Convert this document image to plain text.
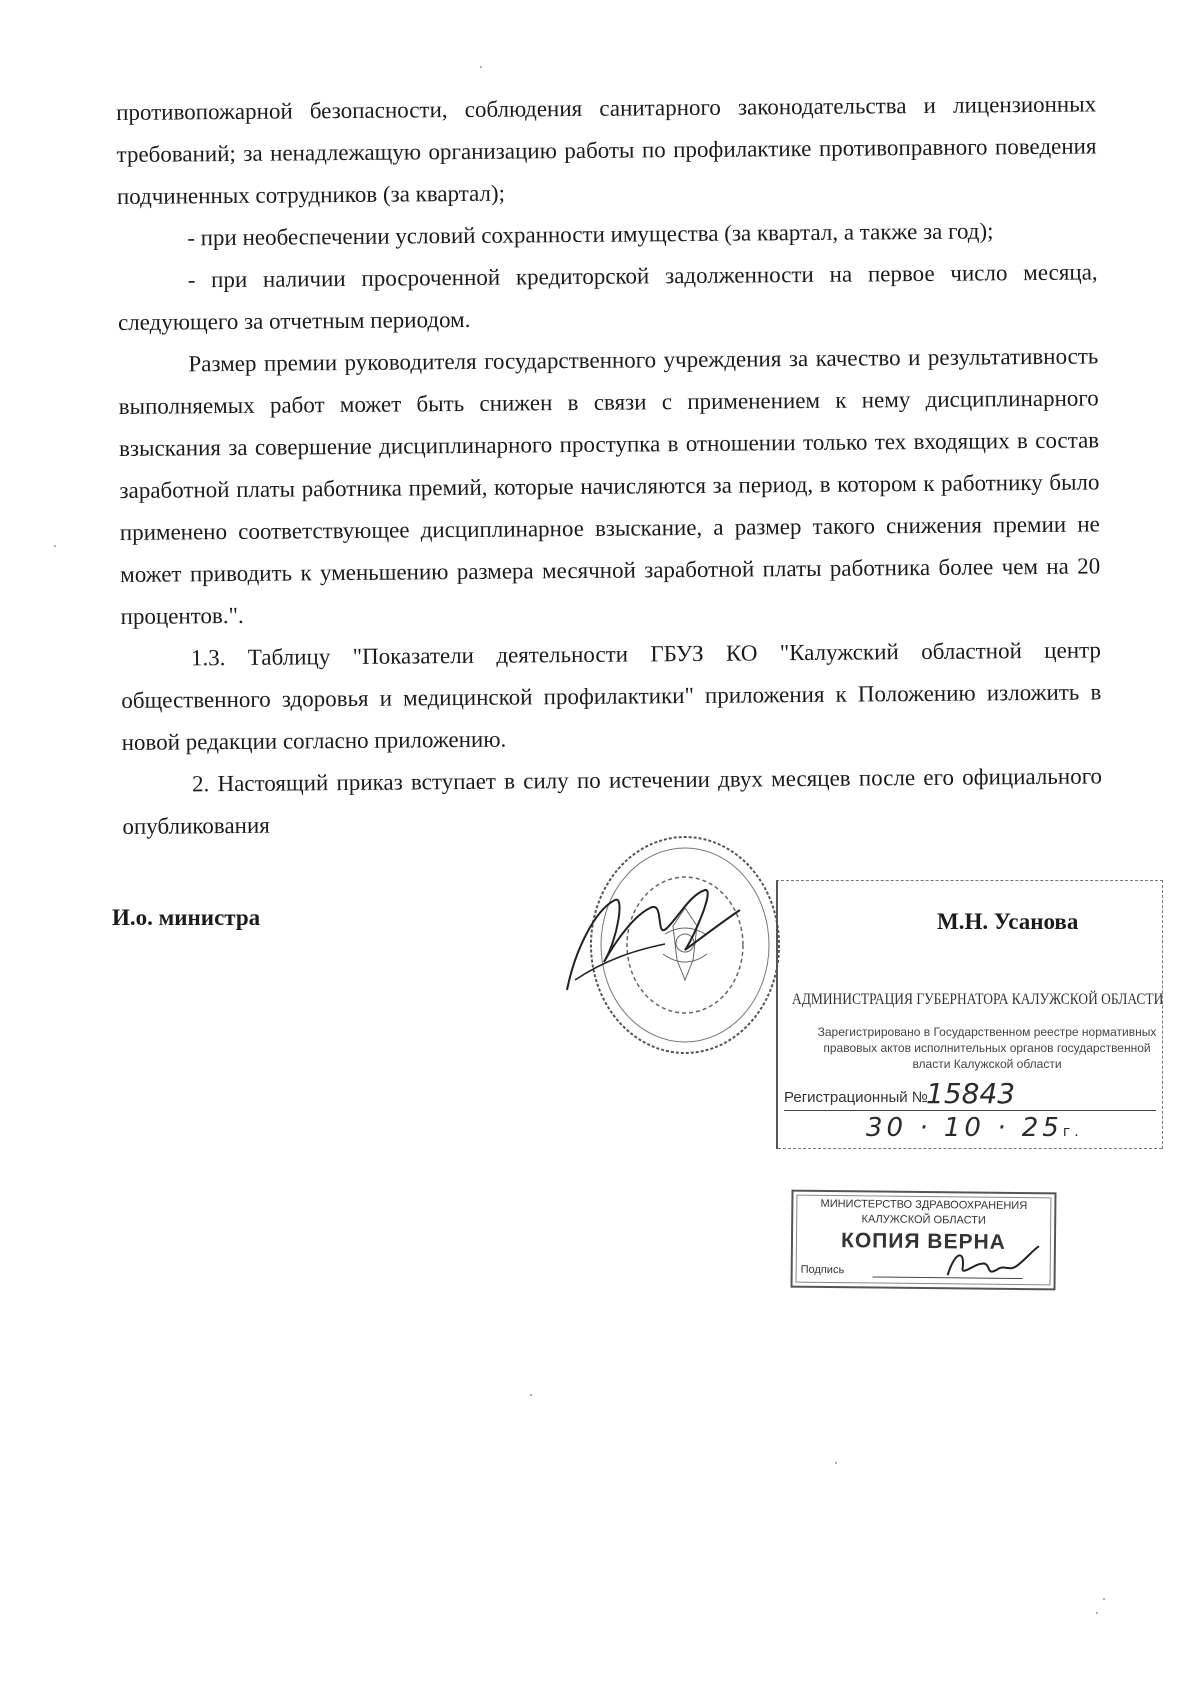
противопожарной безопасности, соблюдения санитарного законодательства и лицензионных требований; за ненадлежащую организацию работы по профилактике противоправного поведения подчиненных сотрудников (за квартал);

- при необеспечении условий сохранности имущества (за квартал, а также за год);

- при наличии просроченной кредиторской задолженности на первое число месяца, следующего за отчетным периодом.

Размер премии руководителя государственного учреждения за качество и результативность выполняемых работ может быть снижен в связи с применением к нему дисциплинарного взыскания за совершение дисциплинарного проступка в отношении только тех входящих в состав заработной платы работника премий, которые начисляются за период, в котором к работнику было применено соответствующее дисциплинарное взыскание, а размер такого снижения премии не может приводить к уменьшению размера месячной заработной платы работника более чем на 20 процентов.".

1.3. Таблицу "Показатели деятельности ГБУЗ КО "Калужский областной центр общественного здоровья и медицинской профилактики" приложения к Положению изложить в новой редакции согласно приложению.

2. Настоящий приказ вступает в силу по истечении двух месяцев после его официального опубликования

И.о. министра
АДМИНИСТРАЦИЯ ГУБЕРНАТОРА КАЛУЖСКОЙ ОБЛАСТИ
Зарегистрировано в Государственном реестре нормативных правовых актов исполнительных органов государственной власти Калужской области
Регистрационный №
15843
30 · 10 · 25г.
М.Н. Усанова
МИНИСТЕРСТВО ЗДРАВООХРАНЕНИЯ
КАЛУЖСКОЙ ОБЛАСТИ
КОПИЯ ВЕРНА
Подпись
